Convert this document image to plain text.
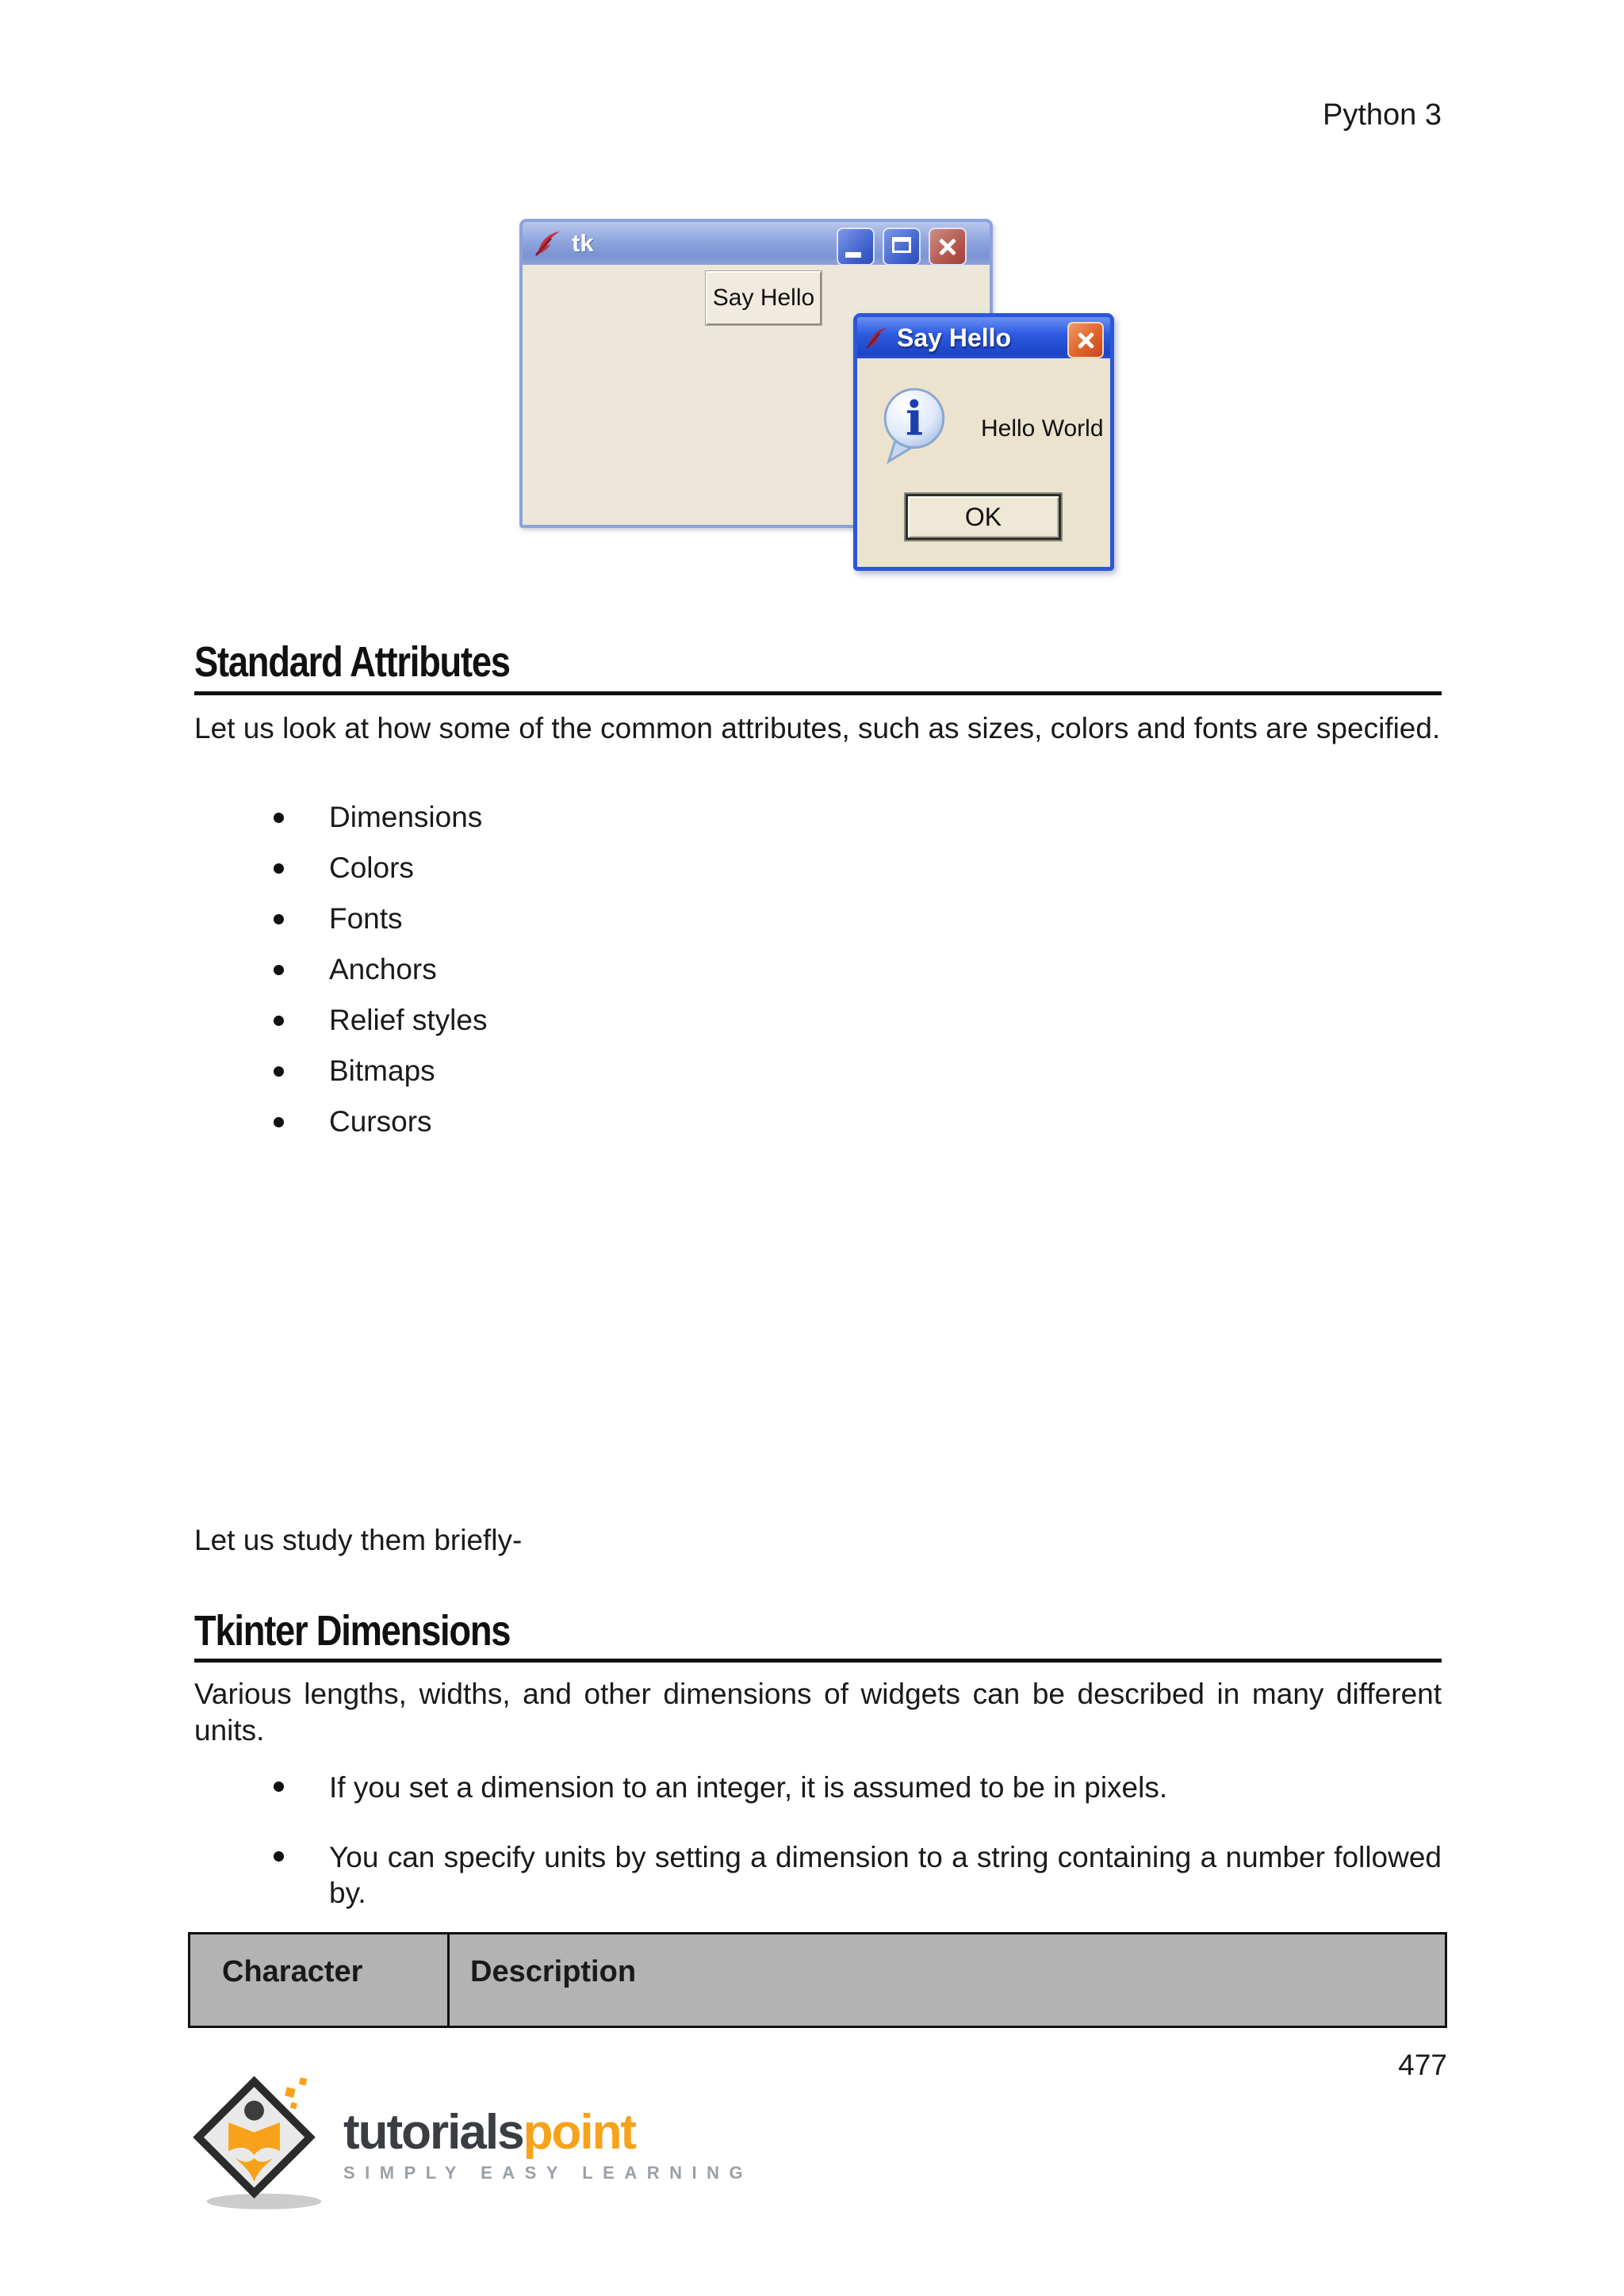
Python 3
tk
Say Hello
Say Hello
i Hello World
OK
Standard Attributes

Let us look at how some of the common attributes, such as sizes, colors and fonts are specified.

Dimensions
Colors
Fonts
Anchors
Relief styles
Bitmaps
Cursors
Let us study them briefly-
Tkinter Dimensions

Various lengths, widths, and other dimensions of widgets can be described in many different units.

If you set a dimension to an integer, it is assumed to be in pixels.
You can specify units by setting a dimension to a string containing a number followed by.
Character	Description
477
tutorialspoint
SIMPLY EASY LEARNING
